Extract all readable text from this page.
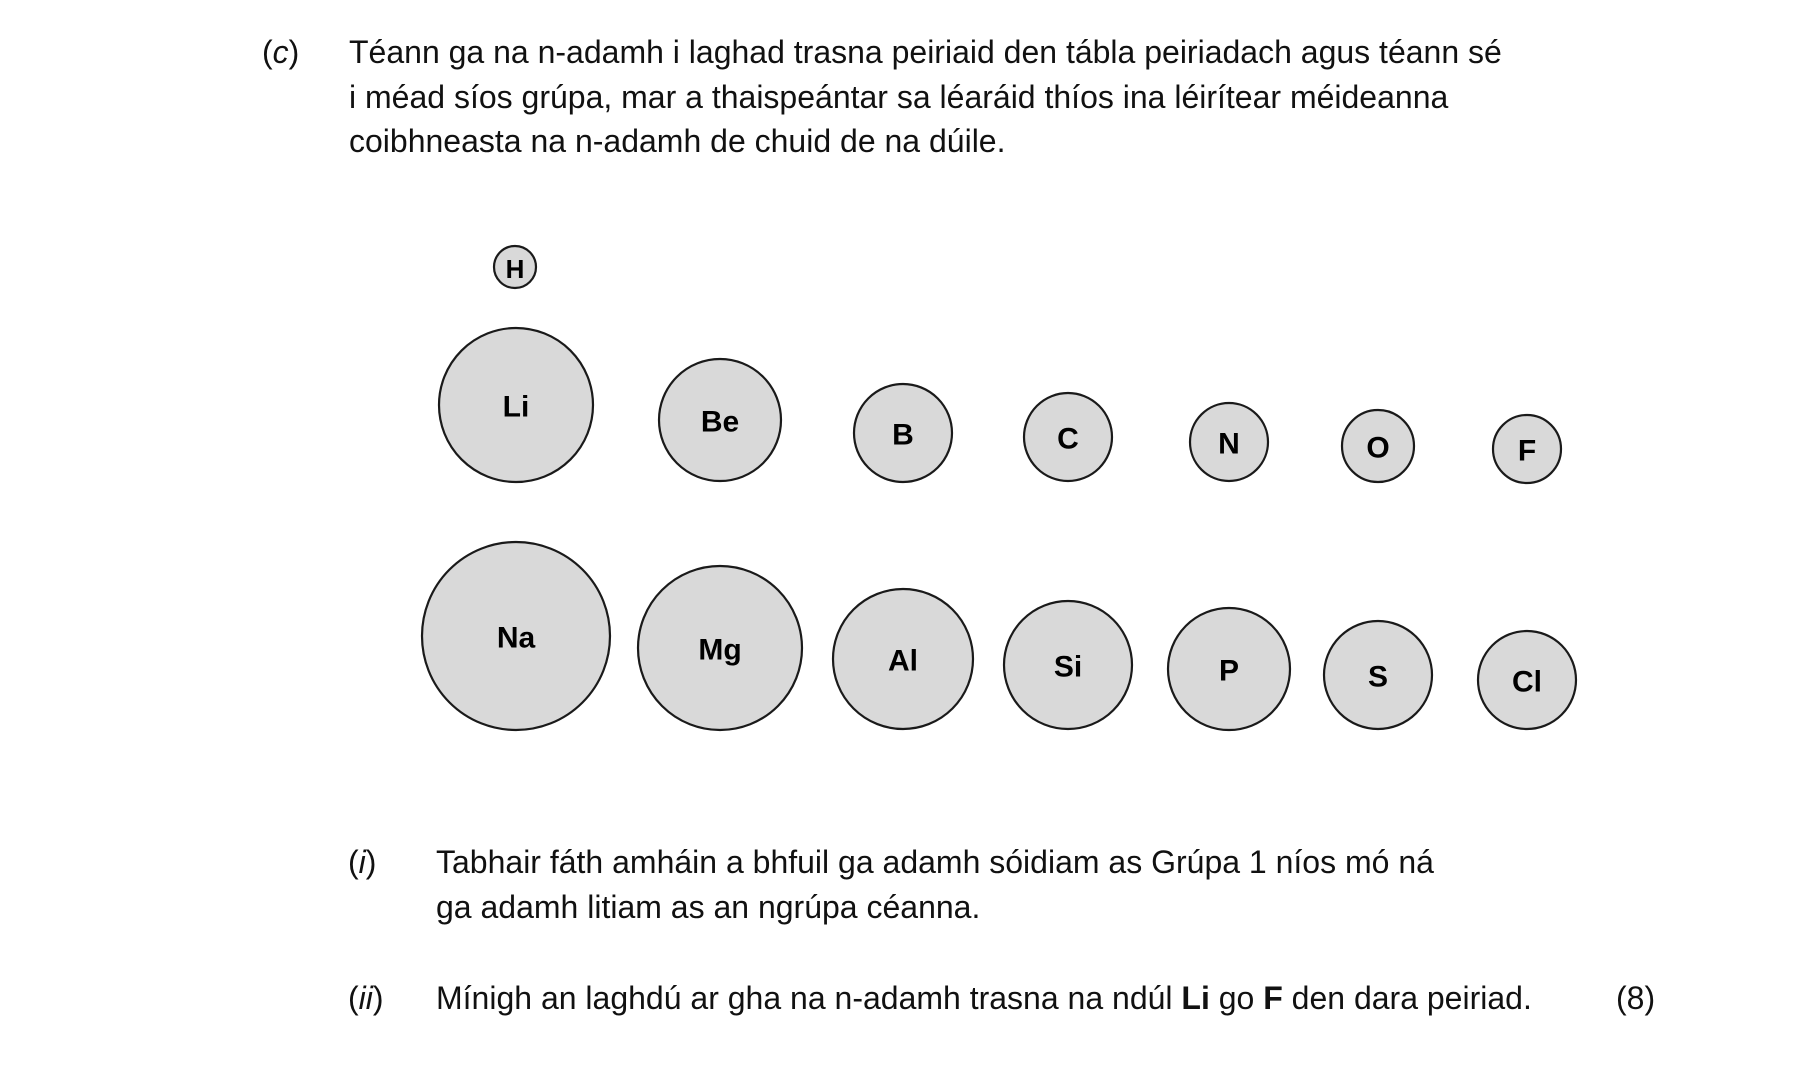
(c) Téann ga na n-adamh i laghad trasna peiriaid den tábla peiriadach agus téann sé
i méad síos grúpa, mar a thaispeántar sa léaráid thíos ina léirítear méideanna
coibhneasta na n-adamh de chuid de na dúile.
H
Li	Be	B	C	N	O	F
Na	Mg	Al	Si	P	S	Cl
(i) Tabhair fáth amháin a bhfuil ga adamh sóidiam as Grúpa 1 níos mó ná
ga adamh litiam as an ngrúpa céanna.
(ii) Mínigh an laghdú ar gha na n-adamh trasna na ndúl Li go F den dara peiriad.	(8)
